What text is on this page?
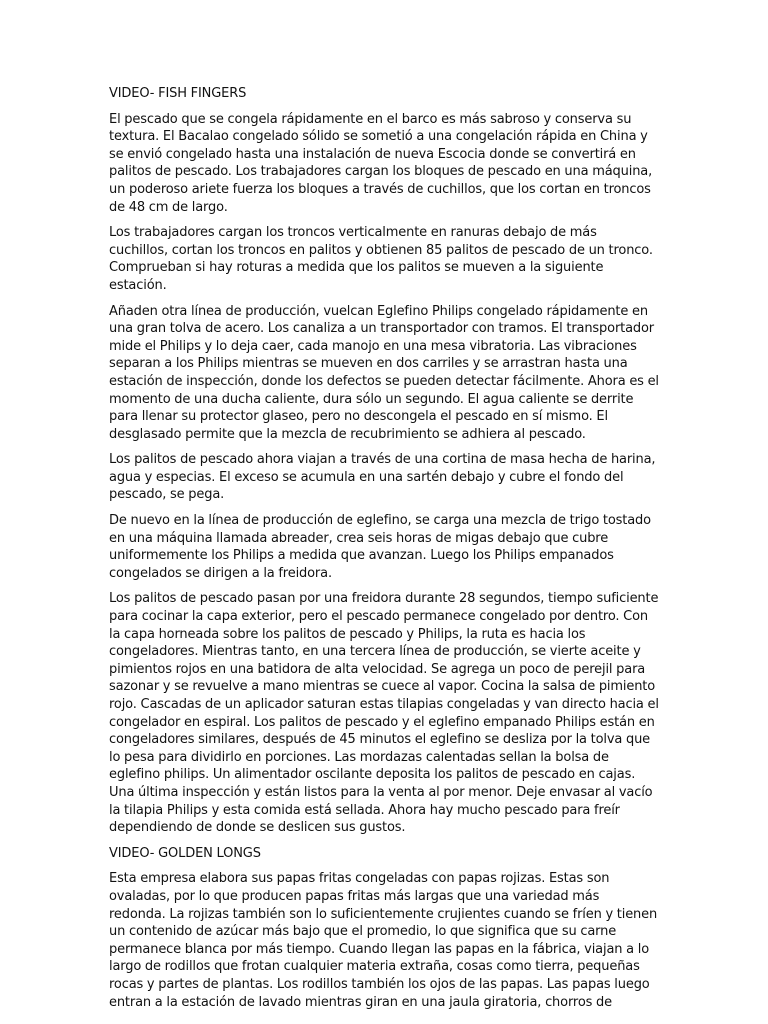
VIDEO- FISH FINGERS
El pescado que se congela rápidamente en el barco es más sabroso y conserva su textura. El Bacalao congelado sólido se sometió a una congelación rápida en China y se envió congelado hasta una instalación de nueva Escocia donde se convertirá en palitos de pescado. Los trabajadores cargan los bloques de pescado en una máquina, un poderoso ariete fuerza los bloques a través de cuchillos, que los cortan en troncos de 48 cm de largo.
Los trabajadores cargan los troncos verticalmente en ranuras debajo de más cuchillos, cortan los troncos en palitos y obtienen 85 palitos de pescado de un tronco. Comprueban si hay roturas a medida que los palitos se mueven a la siguiente estación.
Añaden otra línea de producción, vuelcan Eglefino Philips congelado rápidamente en una gran tolva de acero. Los canaliza a un transportador con tramos. El transportador mide el Philips y lo deja caer, cada manojo en una mesa vibratoria. Las vibraciones separan a los Philips mientras se mueven en dos carriles y se arrastran hasta una estación de inspección, donde los defectos se pueden detectar fácilmente. Ahora es el momento de una ducha caliente, dura sólo un segundo. El agua caliente se derrite para llenar su protector glaseo, pero no descongela el pescado en sí mismo. El desglasado permite que la mezcla de recubrimiento se adhiera al pescado.
Los palitos de pescado ahora viajan a través de una cortina de masa hecha de harina, agua y especias. El exceso se acumula en una sartén debajo y cubre el fondo del pescado, se pega.
De nuevo en la línea de producción de eglefino, se carga una mezcla de trigo tostado en una máquina llamada abreader, crea seis horas de migas debajo que cubre uniformemente los Philips a medida que avanzan. Luego los Philips empanados congelados se dirigen a la freidora.
Los palitos de pescado pasan por una freidora durante 28 segundos, tiempo suficiente para cocinar la capa exterior, pero el pescado permanece congelado por dentro. Con la capa horneada sobre los palitos de pescado y Philips, la ruta es hacia los congeladores. Mientras tanto, en una tercera línea de producción, se vierte aceite y pimientos rojos en una batidora de alta velocidad. Se agrega un poco de perejil para sazonar y se revuelve a mano mientras se cuece al vapor. Cocina la salsa de pimiento rojo. Cascadas de un aplicador saturan estas tilapias congeladas y van directo hacia el congelador en espiral. Los palitos de pescado y el eglefino empanado Philips están en congeladores similares, después de 45 minutos el eglefino se desliza por la tolva que lo pesa para dividirlo en porciones. Las mordazas calentadas sellan la bolsa de eglefino philips. Un alimentador oscilante deposita los palitos de pescado en cajas. Una última inspección y están listos para la venta al por menor. Deje envasar al vacío la tilapia Philips y esta comida está sellada. Ahora hay mucho pescado para freír dependiendo de donde se deslicen sus gustos.
VIDEO- GOLDEN LONGS
Esta empresa elabora sus papas fritas congeladas con papas rojizas. Estas son ovaladas, por lo que producen papas fritas más largas que una variedad más redonda. La rojizas también son lo suficientemente crujientes cuando se fríen y tienen un contenido de azúcar más bajo que el promedio, lo que significa que su carne permanece blanca por más tiempo. Cuando llegan las papas en la fábrica, viajan a lo largo de rodillos que frotan cualquier materia extraña, cosas como tierra, pequeñas rocas y partes de plantas. Los rodillos también los ojos de las papas. Las papas luego entran a la estación de lavado mientras giran en una jaula giratoria, chorros de
